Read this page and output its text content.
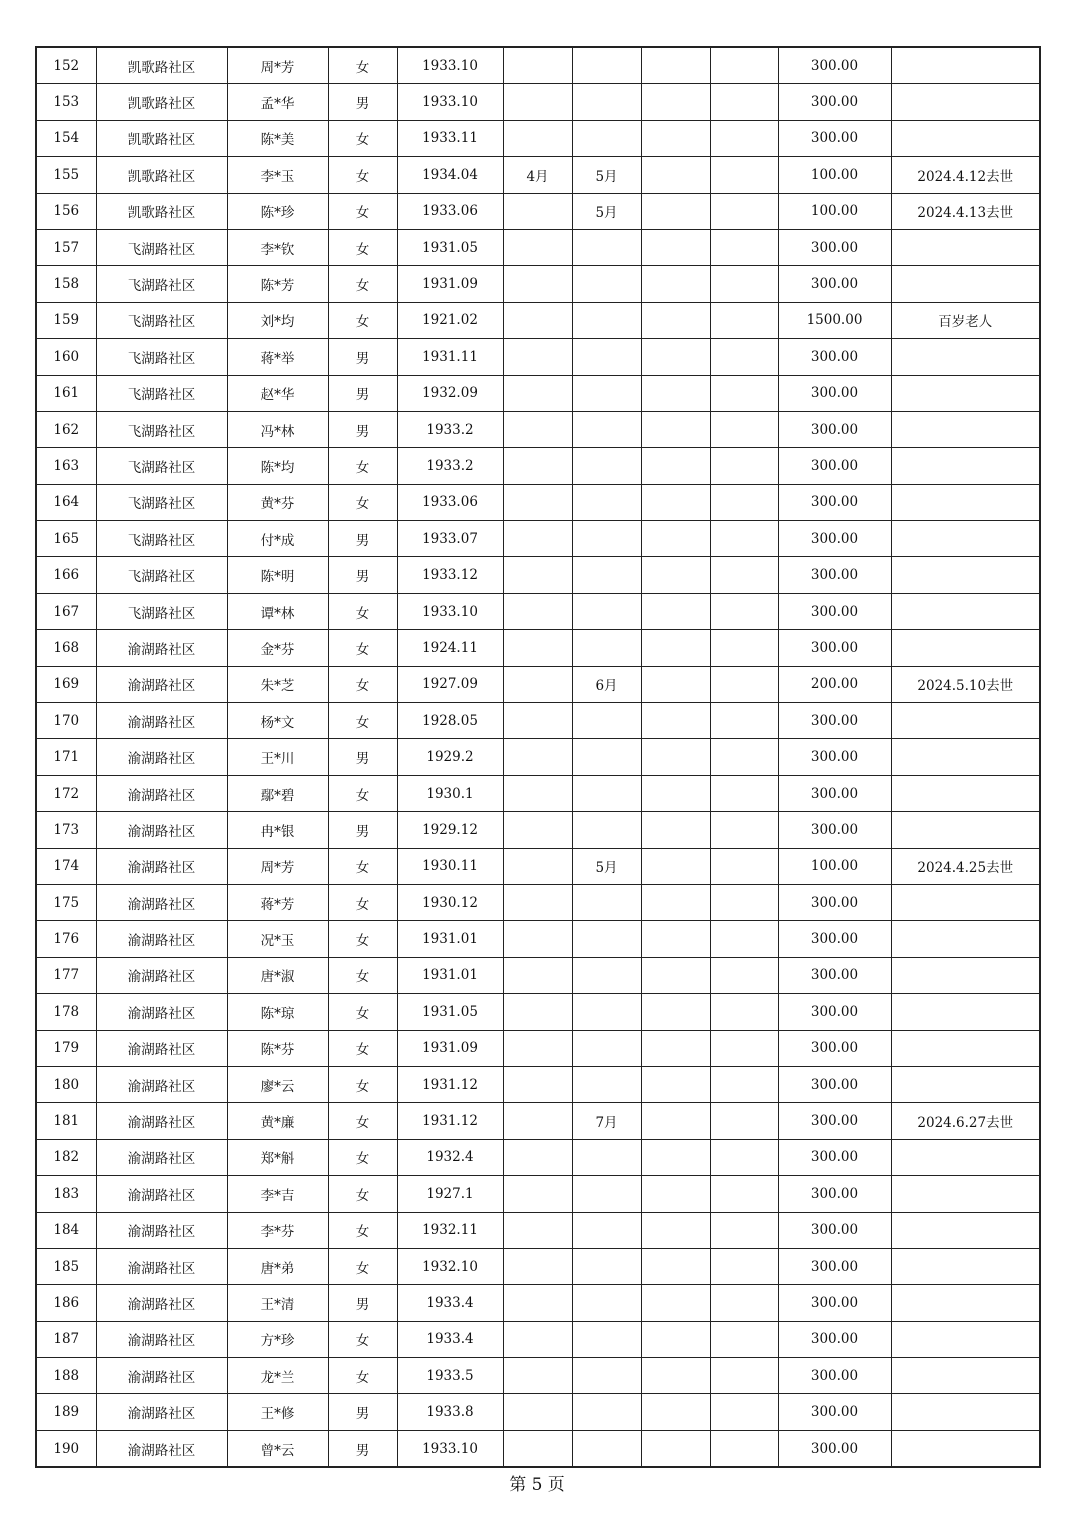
152	凯歌路社区	周*芳	女	1933.10					300.00	
153	凯歌路社区	孟*华	男	1933.10					300.00	
154	凯歌路社区	陈*美	女	1933.11					300.00	
155	凯歌路社区	李*玉	女	1934.04	4月	5月			100.00	2024.4.12去世
156	凯歌路社区	陈*珍	女	1933.06		5月			100.00	2024.4.13去世
157	飞湖路社区	李*钦	女	1931.05					300.00	
158	飞湖路社区	陈*芳	女	1931.09					300.00	
159	飞湖路社区	刘*均	女	1921.02					1500.00	百岁老人
160	飞湖路社区	蒋*举	男	1931.11					300.00	
161	飞湖路社区	赵*华	男	1932.09					300.00	
162	飞湖路社区	冯*林	男	1933.2					300.00	
163	飞湖路社区	陈*均	女	1933.2					300.00	
164	飞湖路社区	黄*芬	女	1933.06					300.00	
165	飞湖路社区	付*成	男	1933.07					300.00	
166	飞湖路社区	陈*明	男	1933.12					300.00	
167	飞湖路社区	谭*林	女	1933.10					300.00	
168	渝湖路社区	金*芬	女	1924.11					300.00	
169	渝湖路社区	朱*芝	女	1927.09		6月			200.00	2024.5.10去世
170	渝湖路社区	杨*文	女	1928.05					300.00	
171	渝湖路社区	王*川	男	1929.2					300.00	
172	渝湖路社区	鄢*碧	女	1930.1					300.00	
173	渝湖路社区	冉*银	男	1929.12					300.00	
174	渝湖路社区	周*芳	女	1930.11		5月			100.00	2024.4.25去世
175	渝湖路社区	蒋*芳	女	1930.12					300.00	
176	渝湖路社区	况*玉	女	1931.01					300.00	
177	渝湖路社区	唐*淑	女	1931.01					300.00	
178	渝湖路社区	陈*琼	女	1931.05					300.00	
179	渝湖路社区	陈*芬	女	1931.09					300.00	
180	渝湖路社区	廖*云	女	1931.12					300.00	
181	渝湖路社区	黄*廉	女	1931.12		7月			300.00	2024.6.27去世
182	渝湖路社区	郑*斛	女	1932.4					300.00	
183	渝湖路社区	李*吉	女	1927.1					300.00	
184	渝湖路社区	李*芬	女	1932.11					300.00	
185	渝湖路社区	唐*弟	女	1932.10					300.00	
186	渝湖路社区	王*清	男	1933.4					300.00	
187	渝湖路社区	方*珍	女	1933.4					300.00	
188	渝湖路社区	龙*兰	女	1933.5					300.00	
189	渝湖路社区	王*修	男	1933.8					300.00	
190	渝湖路社区	曾*云	男	1933.10					300.00	
第 5 页
